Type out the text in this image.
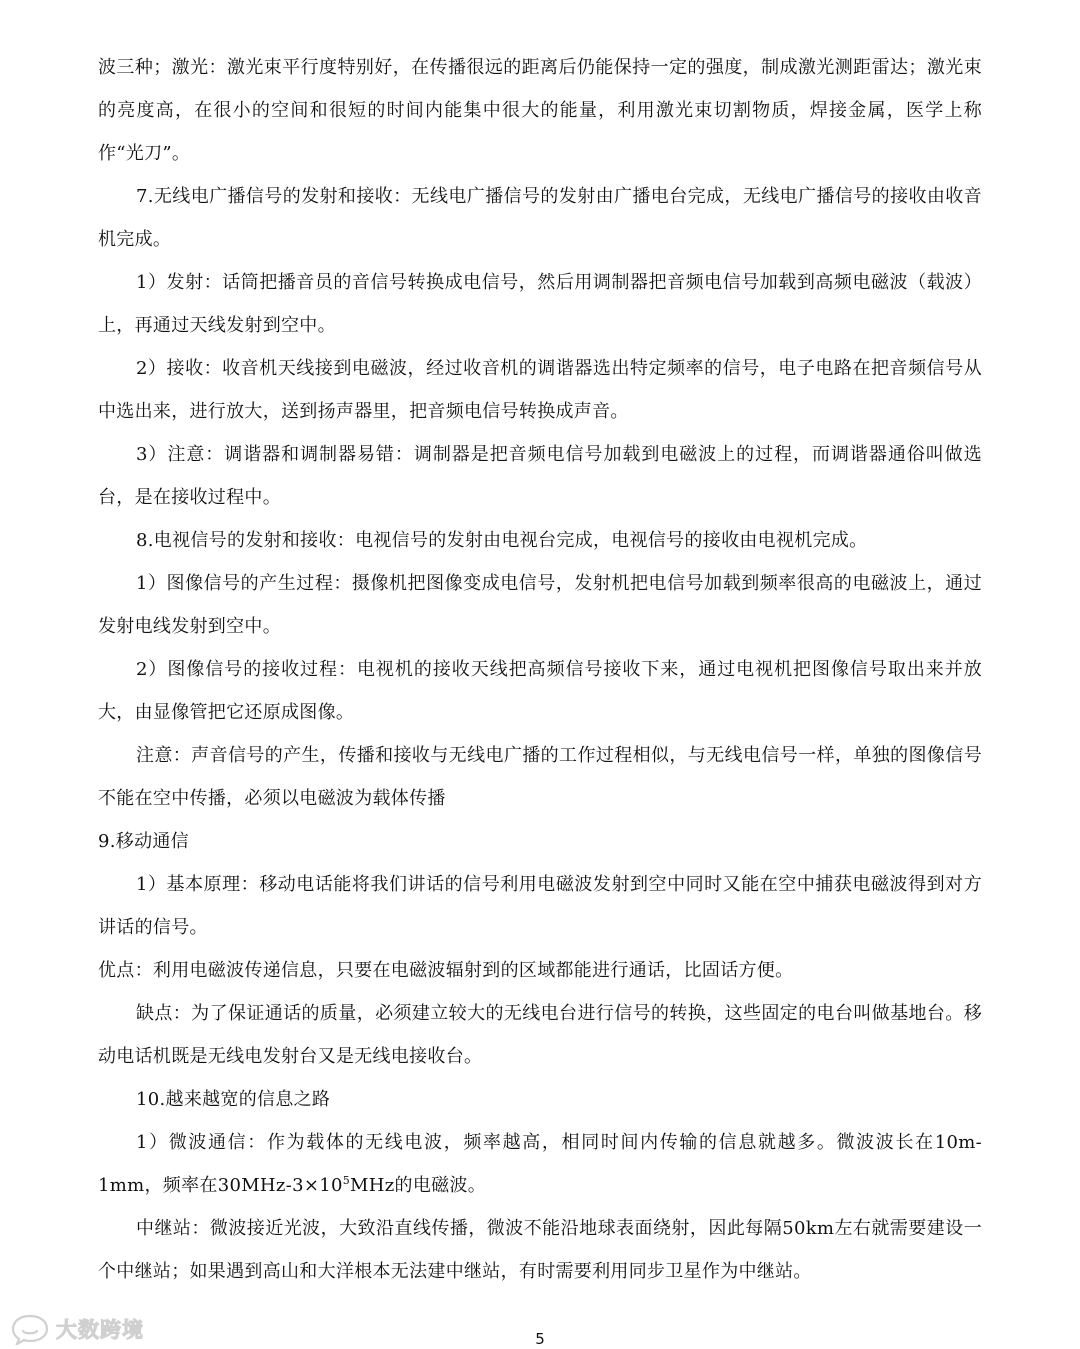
波三种；激光：激光束平行度特别好，在传播很远的距离后仍能保持一定的强度，制成激光测距雷达；激光束的亮度高，在很小的空间和很短的时间内能集中很大的能量，利用激光束切割物质，焊接金属，医学上称作“光刀”。

7.无线电广播信号的发射和接收：无线电广播信号的发射由广播电台完成，无线电广播信号的接收由收音机完成。

1）发射：话筒把播音员的音信号转换成电信号，然后用调制器把音频电信号加载到高频电磁波（载波）上，再通过天线发射到空中。

2）接收：收音机天线接到电磁波，经过收音机的调谐器选出特定频率的信号，电子电路在把音频信号从中选出来，进行放大，送到扬声器里，把音频电信号转换成声音。

3）注意：调谐器和调制器易错：调制器是把音频电信号加载到电磁波上的过程，而调谐器通俗叫做选台，是在接收过程中。

8.电视信号的发射和接收：电视信号的发射由电视台完成，电视信号的接收由电视机完成。

1）图像信号的产生过程：摄像机把图像变成电信号，发射机把电信号加载到频率很高的电磁波上，通过发射电线发射到空中。

2）图像信号的接收过程：电视机的接收天线把高频信号接收下来，通过电视机把图像信号取出来并放大，由显像管把它还原成图像。

注意：声音信号的产生，传播和接收与无线电广播的工作过程相似，与无线电信号一样，单独的图像信号不能在空中传播，必须以电磁波为载体传播

9.移动通信

1）基本原理：移动电话能将我们讲话的信号利用电磁波发射到空中同时又能在空中捕获电磁波得到对方讲话的信号。

优点：利用电磁波传递信息，只要在电磁波辐射到的区域都能进行通话，比固话方便。

缺点：为了保证通话的质量，必须建立较大的无线电台进行信号的转换，这些固定的电台叫做基地台。移动电话机既是无线电发射台又是无线电接收台。

10.越来越宽的信息之路

1）微波通信：作为载体的无线电波，频率越高，相同时间内传输的信息就越多。微波波长在10m-1mm，频率在$30MHz-3\times 10^5MHz$的电磁波。

中继站：微波接近光波，大致沿直线传播，微波不能沿地球表面绕射，因此每隔50km左右就需要建设一个中继站；如果遇到高山和大洋根本无法建中继站，有时需要利用同步卫星作为中继站。

大数跨境	5
